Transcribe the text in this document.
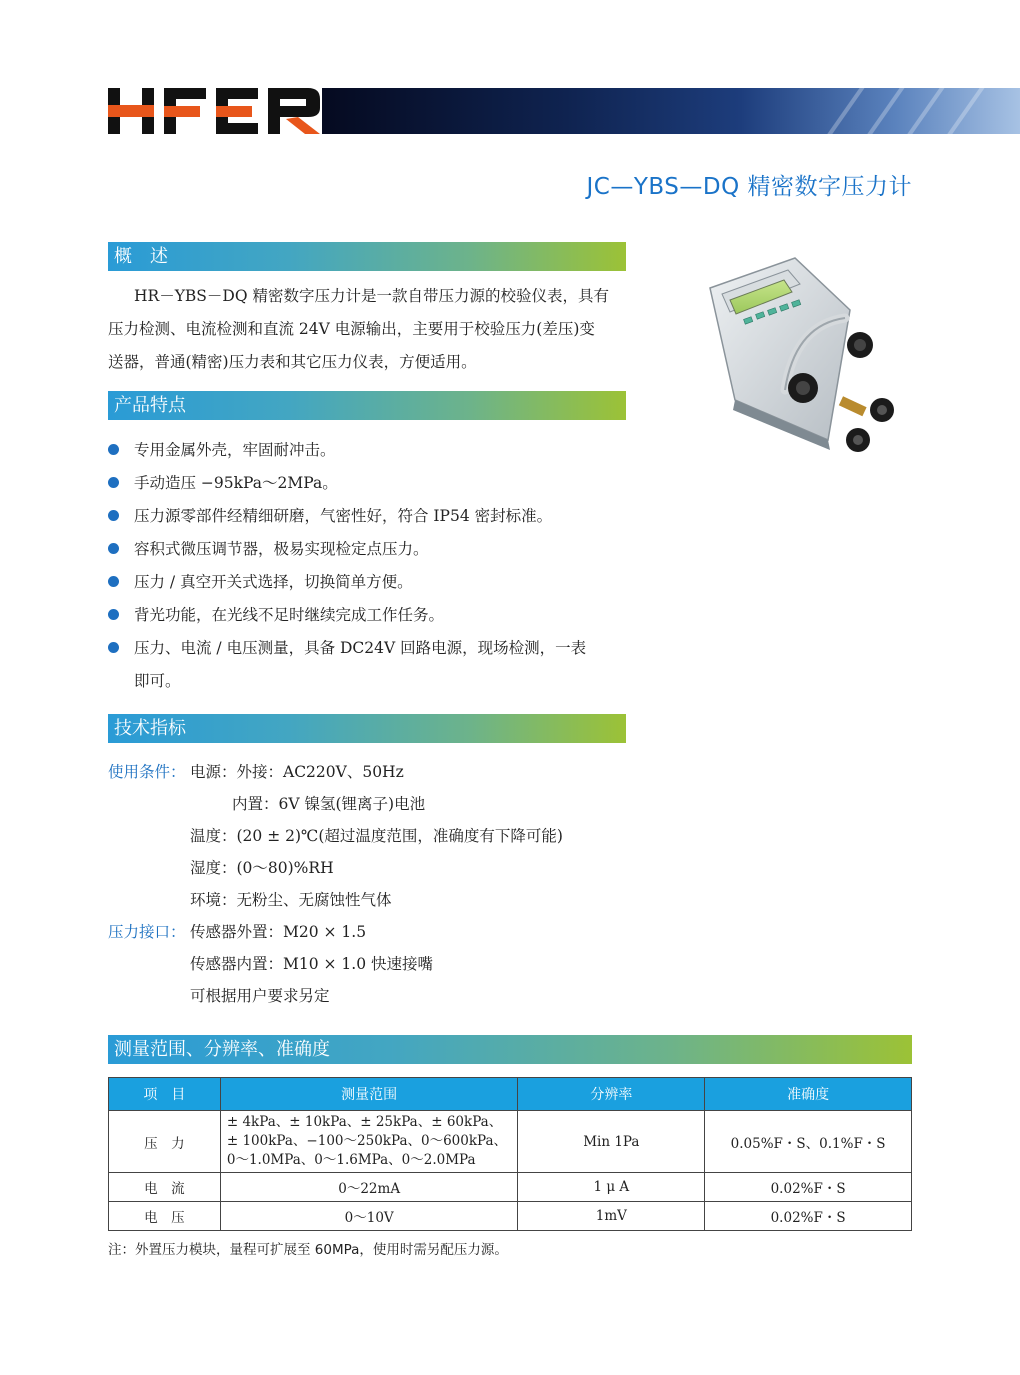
JC—YBS—DQ 精密数字压力计
概　述
HR－YBS－DQ 精密数字压力计是一款自带压力源的校验仪表，具有
压力检测、电流检测和直流 24V 电源输出，主要用于校验压力(差压)变
送器，普通(精密)压力表和其它压力仪表，方便适用。
产品特点
专用金属外壳，牢固耐冲击。
手动造压 −95kPa～2MPa。
压力源零部件经精细研磨，气密性好，符合 IP54 密封标准。
容积式微压调节器，极易实现检定点压力。
压力 / 真空开关式选择，切换简单方便。
背光功能，在光线不足时继续完成工作任务。
压力、电流 / 电压测量，具备 DC24V 回路电源，现场检测，一表
即可。
技术指标
使用条件： 电源：外接：AC220V、50Hz
内置：6V 镍氢(锂离子)电池
温度：(20 ± 2)℃(超过温度范围，准确度有下降可能)
湿度：(0～80)%RH
环境：无粉尘、无腐蚀性气体
压力接口： 传感器外置：M20 × 1.5
传感器内置：M10 × 1.0 快速接嘴
可根据用户要求另定
测量范围、分辨率、准确度
项　目	测量范围	分辨率	准确度
压　力	± 4kPa、± 10kPa、± 25kPa、± 60kPa、
± 100kPa、−100～250kPa、0～600kPa、
0～1.0MPa、0～1.6MPa、0～2.0MPa	Min 1Pa	0.05%F・S、0.1%F・S
电　流	0～22mA	1 μ A	0.02%F・S
电　压	0～10V	1mV	0.02%F・S
注：外置压力模块，量程可扩展至 60MPa，使用时需另配压力源。
